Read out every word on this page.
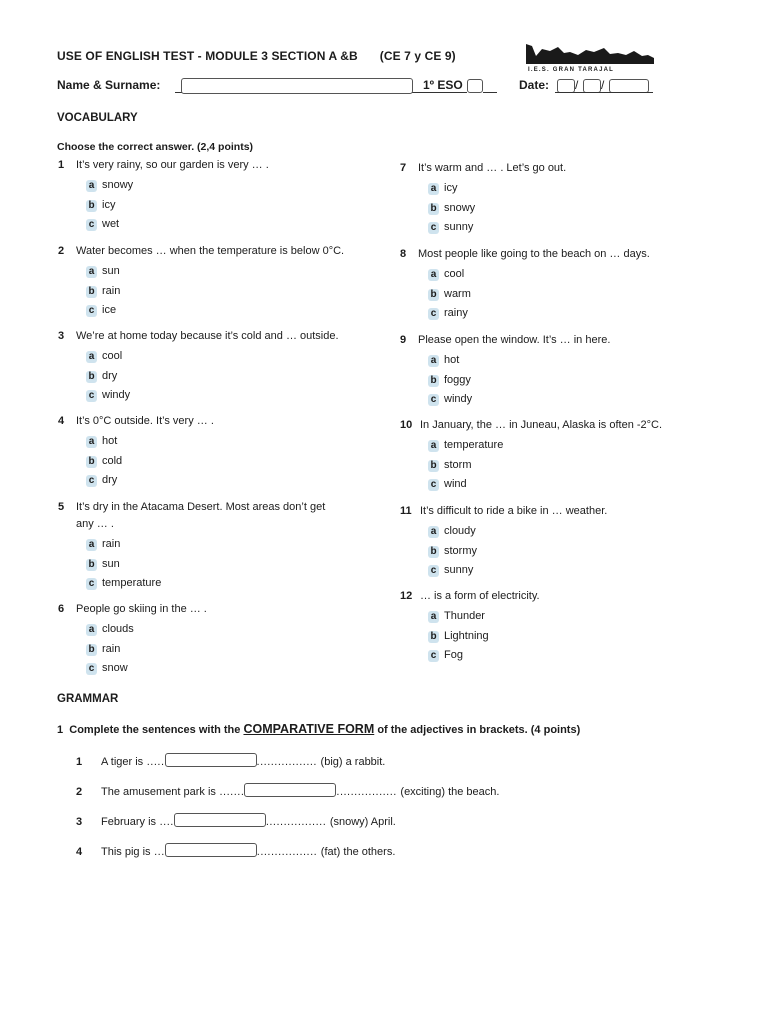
USE OF ENGLISH TEST - MODULE 3 SECTION A &B (CE 7 y CE 9)
I.E.S. GRAN TARAJAL
Name & Surname:	1º ESO	Date: / /
VOCABULARY
Choose the correct answer. (2,4 points)
1 It’s very rainy, so our garden is very … .
a snowy
b icy
c wet
2 Water becomes … when the temperature is below 0°C.
a sun
b rain
c ice
3 We’re at home today because it’s cold and … outside.
a cool
b dry
c windy
4 It’s 0°C outside. It’s very … .
a hot
b cold
c dry
5 It’s dry in the Atacama Desert. Most areas don’t get
any … .
a rain
b sun
c temperature
6 People go skiing in the … .
a clouds
b rain
c snow
7 It’s warm and … . Let’s go out.
a icy
b snowy
c sunny
8 Most people like going to the beach on … days.
a cool
b warm
c rainy
9 Please open the window. It’s … in here.
a hot
b foggy
c windy
10 In January, the … in Juneau, Alaska is often -2°C.
a temperature
b storm
c wind
11 It’s difficult to ride a bike in … weather.
a cloudy
b stormy
c sunny
12 … is a form of electricity.
a Thunder
b Lightning
c Fog
GRAMMAR
1 Complete the sentences with the COMPARATIVE FORM of the adjectives in brackets. (4 points)
1 A tiger is .....	................. (big) a rabbit.
2 The amusement park is .......	................. (exciting) the beach.
3 February is ....	................. (snowy) April.
4 This pig is ...	................. (fat) the others.
